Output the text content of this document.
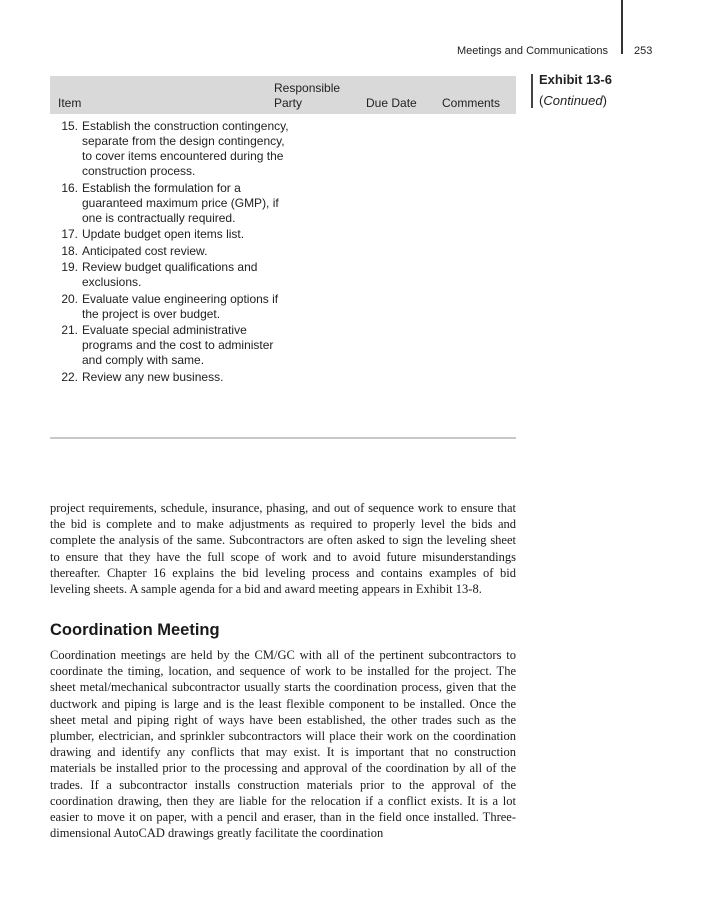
Meetings and Communications 253
Exhibit 13-6
(Continued)
Item
Responsible
Party	Due Date Comments
15. Establish the construction contingency, separate from the design contingency, to cover items encountered during the construction process.
16. Establish the formulation for a guaranteed maximum price (GMP), if one is contractually required.
17. Update budget open items list.
18. Anticipated cost review.
19. Review budget qualifications and exclusions.
20. Evaluate value engineering options if the project is over budget.
21. Evaluate special administrative programs and the cost to administer and comply with same.
22. Review any new business.

project requirements, schedule, insurance, phasing, and out of sequence work to ensure that the bid is complete and to make adjustments as required to properly level the bids and complete the analysis of the same. Subcontractors are often asked to sign the leveling sheet to ensure that they have the full scope of work and to avoid future misunderstandings thereafter. Chapter 16 explains the bid leveling process and contains examples of bid leveling sheets. A sample agenda for a bid and award meeting appears in Exhibit 13-8.

Coordination Meeting

Coordination meetings are held by the CM/GC with all of the pertinent subcontractors to coordinate the timing, location, and sequence of work to be installed for the project. The sheet metal/mechanical subcontractor usually starts the coordination process, given that the ductwork and piping is large and is the least flexible component to be installed. Once the sheet metal and piping right of ways have been established, the other trades such as the plumber, electrician, and sprinkler subcontractors will place their work on the coordination drawing and identify any conflicts that may exist. It is important that no construction materials be installed prior to the processing and approval of the coordination by all of the trades. If a subcontractor installs construction materials prior to the approval of the coordination drawing, then they are liable for the relocation if a conflict exists. It is a lot easier to move it on paper, with a pencil and eraser, than in the field once installed. Three-dimensional AutoCAD drawings greatly facilitate the coordination
